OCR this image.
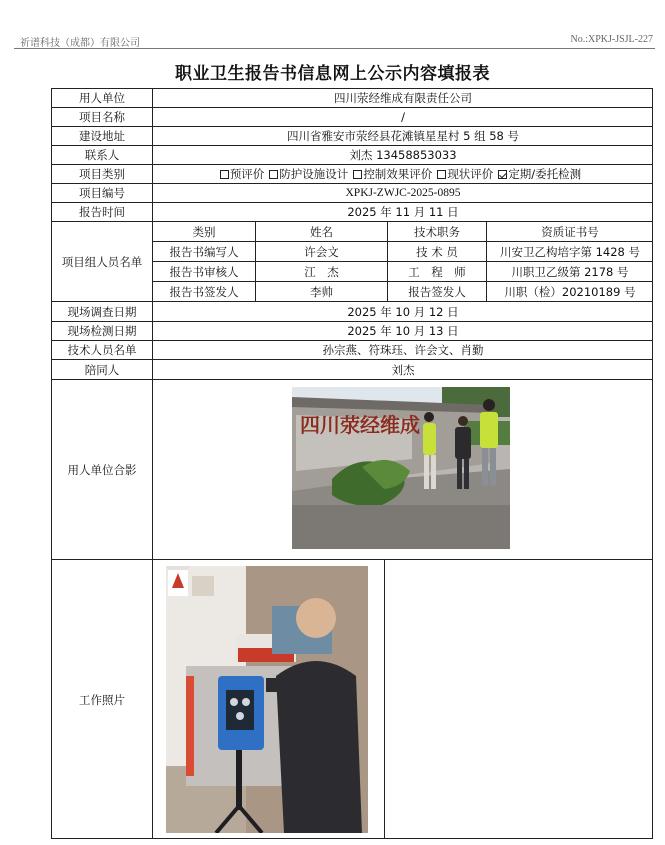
祈谱科技（成都）有限公司	No.:XPKJ-JSJL-227
职业卫生报告书信息网上公示内容填报表
用人单位	四川荥经维成有限责任公司
项目名称	/
建设地址	四川省雅安市荥经县花滩镇星星村 5 组 58 号
联系人	刘杰 13458853033
项目类别	预评价 防护设施设计 控制效果评价 现状评价 定期/委托检测
项目编号	XPKJ-ZWJC-2025-0895
报告时间	2025 年 11 月 11 日
项目组人员名单
类别	姓名	技术职务	资质证书号
报告书编写人	许会文	技 术 员	川安卫乙构培字第 1428 号
报告书审核人	江　杰	工　程　师	川职卫乙级第 2178 号
报告书签发人	李帅	报告签发人	川职（检）20210189 号
现场调查日期	2025 年 10 月 12 日
现场检测日期	2025 年 10 月 13 日
技术人员名单	孙宗燕、符珠珏、许会文、肖勤
陪同人	刘杰
用人单位合影
工作照片
四川荥经维成
